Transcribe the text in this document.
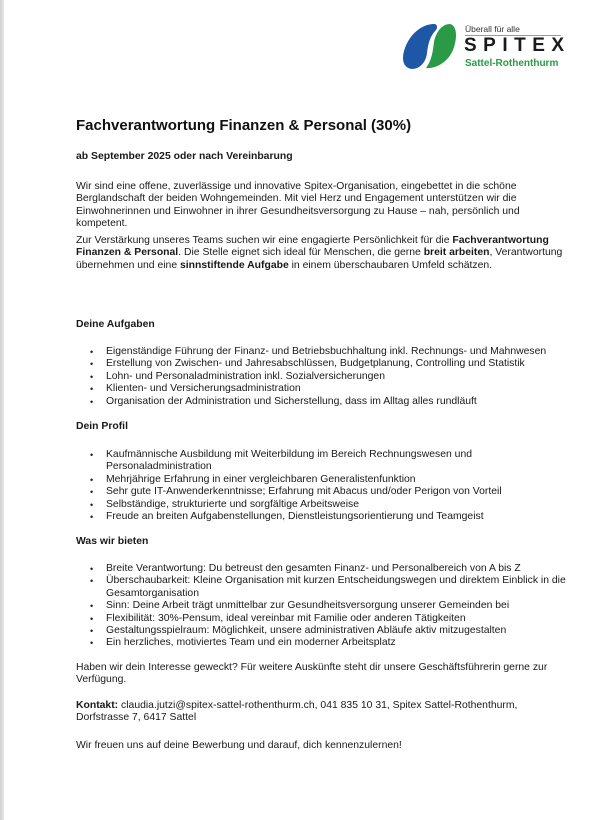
Überall für alle
SPITEX
Sattel-Rothenthurm
Fachverantwortung Finanzen & Personal (30%)
ab September 2025 oder nach Vereinbarung

Wir sind eine offene, zuverlässige und innovative Spitex-Organisation, eingebettet in die schöne Berglandschaft der beiden Wohngemeinden. Mit viel Herz und Engagement unterstützen wir die Einwohnerinnen und Einwohner in ihrer Gesundheitsversorgung zu Hause – nah, persönlich und kompetent.

Zur Verstärkung unseres Teams suchen wir eine engagierte Persönlichkeit für die Fachverantwortung Finanzen & Personal. Die Stelle eignet sich ideal für Menschen, die gerne breit arbeiten, Verantwortung übernehmen und eine sinnstiftende Aufgabe in einem überschaubaren Umfeld schätzen.

Deine Aufgaben
• Eigenständige Führung der Finanz- und Betriebsbuchhaltung inkl. Rechnungs- und Mahnwesen
• Erstellung von Zwischen- und Jahresabschlüssen, Budgetplanung, Controlling und Statistik
• Lohn- und Personaladministration inkl. Sozialversicherungen
• Klienten- und Versicherungsadministration
• Organisation der Administration und Sicherstellung, dass im Alltag alles rundläuft
Dein Profil
• Kaufmännische Ausbildung mit Weiterbildung im Bereich Rechnungswesen und Personaladministration
• Mehrjährige Erfahrung in einer vergleichbaren Generalistenfunktion
• Sehr gute IT-Anwenderkenntnisse; Erfahrung mit Abacus und/oder Perigon von Vorteil
• Selbständige, strukturierte und sorgfältige Arbeitsweise
• Freude an breiten Aufgabenstellungen, Dienstleistungsorientierung und Teamgeist
Was wir bieten
• Breite Verantwortung: Du betreust den gesamten Finanz- und Personalbereich von A bis Z
• Überschaubarkeit: Kleine Organisation mit kurzen Entscheidungswegen und direktem Einblick in die Gesamtorganisation
• Sinn: Deine Arbeit trägt unmittelbar zur Gesundheitsversorgung unserer Gemeinden bei
• Flexibilität: 30%-Pensum, ideal vereinbar mit Familie oder anderen Tätigkeiten
• Gestaltungsspielraum: Möglichkeit, unsere administrativen Abläufe aktiv mitzugestalten
• Ein herzliches, motiviertes Team und ein moderner Arbeitsplatz

Haben wir dein Interesse geweckt? Für weitere Auskünfte steht dir unsere Geschäftsführerin gerne zur Verfügung.

Kontakt: claudia.jutzi@spitex-sattel-rothenthurm.ch, 041 835 10 31, Spitex Sattel-Rothenthurm, Dorfstrasse 7, 6417 Sattel

Wir freuen uns auf deine Bewerbung und darauf, dich kennenzulernen!
